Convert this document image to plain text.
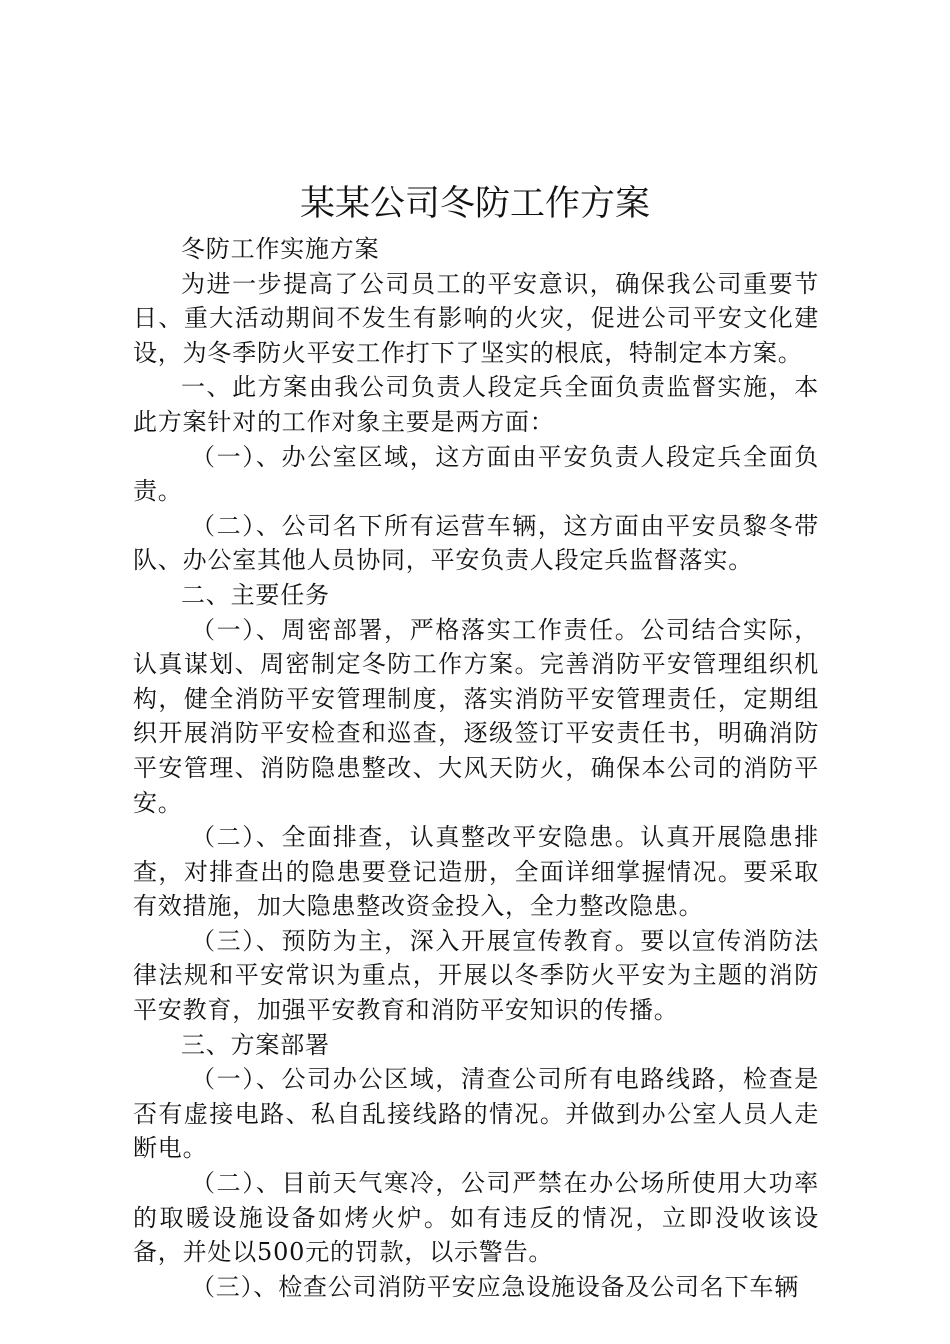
某某公司冬防工作方案

冬防工作实施方案

为进一步提高了公司员工的平安意识，确保我公司重要节日、重大活动期间不发生有影响的火灾，促进公司平安文化建设，为冬季防火平安工作打下了坚实的根底，特制定本方案。

一、此方案由我公司负责人段定兵全面负责监督实施，本此方案针对的工作对象主要是两方面：

（一）、办公室区域，这方面由平安负责人段定兵全面负责。

（二）、公司名下所有运营车辆，这方面由平安员黎冬带队、办公室其他人员协同，平安负责人段定兵监督落实。

二、主要任务

（一）、周密部署，严格落实工作责任。公司结合实际，认真谋划、周密制定冬防工作方案。完善消防平安管理组织机构，健全消防平安管理制度，落实消防平安管理责任，定期组织开展消防平安检查和巡查，逐级签订平安责任书，明确消防平安管理、消防隐患整改、大风天防火，确保本公司的消防平安。

（二）、全面排查，认真整改平安隐患。认真开展隐患排查，对排查出的隐患要登记造册，全面详细掌握情况。要采取有效措施，加大隐患整改资金投入，全力整改隐患。

（三）、预防为主，深入开展宣传教育。要以宣传消防法律法规和平安常识为重点，开展以冬季防火平安为主题的消防平安教育，加强平安教育和消防平安知识的传播。

三、方案部署

（一）、公司办公区域，清查公司所有电路线路，检查是否有虚接电路、私自乱接线路的情况。并做到办公室人员人走断电。

（二）、目前天气寒冷，公司严禁在办公场所使用大功率的取暖设施设备如烤火炉。如有违反的情况，立即没收该设备，并处以500元的罚款，以示警告。

（三）、检查公司消防平安应急设施设备及公司名下车辆
